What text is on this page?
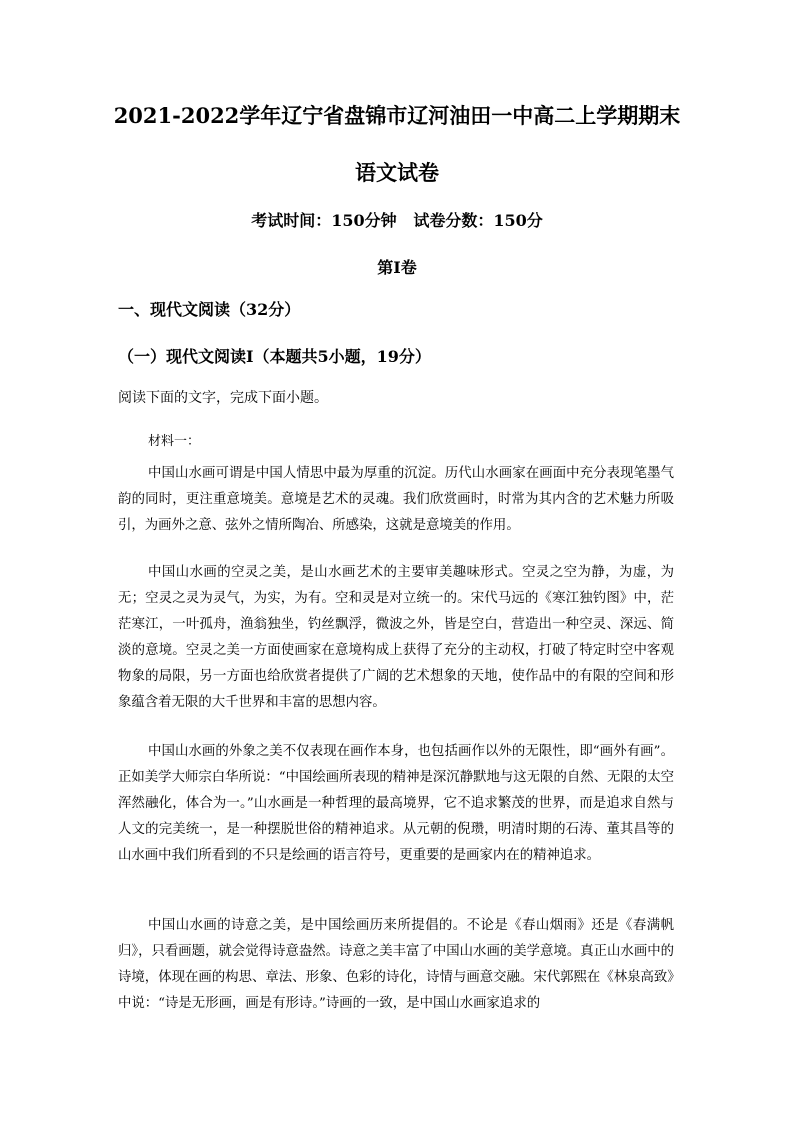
2021-2022学年辽宁省盘锦市辽河油田一中高二上学期期末
语文试卷
考试时间：150分钟   试卷分数：150分
第Ⅰ卷
一、现代文阅读（32分）
（一）现代文阅读Ⅰ（本题共5小题，19分）
阅读下面的文字，完成下面小题。
材料一：

中国山水画可谓是中国人情思中最为厚重的沉淀。历代山水画家在画面中充分表现笔墨气韵的同时，更注重意境美。意境是艺术的灵魂。我们欣赏画时，时常为其内含的艺术魅力所吸引，为画外之意、弦外之情所陶冶、所感染，这就是意境美的作用。

中国山水画的空灵之美，是山水画艺术的主要审美趣味形式。空灵之空为静，为虚，为无；空灵之灵为灵气，为实，为有。空和灵是对立统一的。宋代马远的《寒江独钓图》中，茫茫寒江，一叶孤舟，渔翁独坐，钓丝飘浮，微波之外，皆是空白，营造出一种空灵、深远、简淡的意境。空灵之美一方面使画家在意境构成上获得了充分的主动权，打破了特定时空中客观物象的局限，另一方面也给欣赏者提供了广阔的艺术想象的天地，使作品中的有限的空间和形象蕴含着无限的大千世界和丰富的思想内容。

中国山水画的外象之美不仅表现在画作本身，也包括画作以外的无限性，即“画外有画”。正如美学大师宗白华所说：“中国绘画所表现的精神是深沉静默地与这无限的自然、无限的太空浑然融化，体合为一。”山水画是一种哲理的最高境界，它不追求繁茂的世界，而是追求自然与人文的完美统一，是一种摆脱世俗的精神追求。从元朝的倪瓒，明清时期的石涛、董其昌等的山水画中我们所看到的不只是绘画的语言符号，更重要的是画家内在的精神追求。

中国山水画的诗意之美，是中国绘画历来所提倡的。不论是《春山烟雨》还是《春满帆归》，只看画题，就会觉得诗意盎然。诗意之美丰富了中国山水画的美学意境。真正山水画中的诗境，体现在画的构思、章法、形象、色彩的诗化，诗情与画意交融。宋代郭熙在《林泉高致》中说：“诗是无形画，画是有形诗。”诗画的一致，是中国山水画家追求的
